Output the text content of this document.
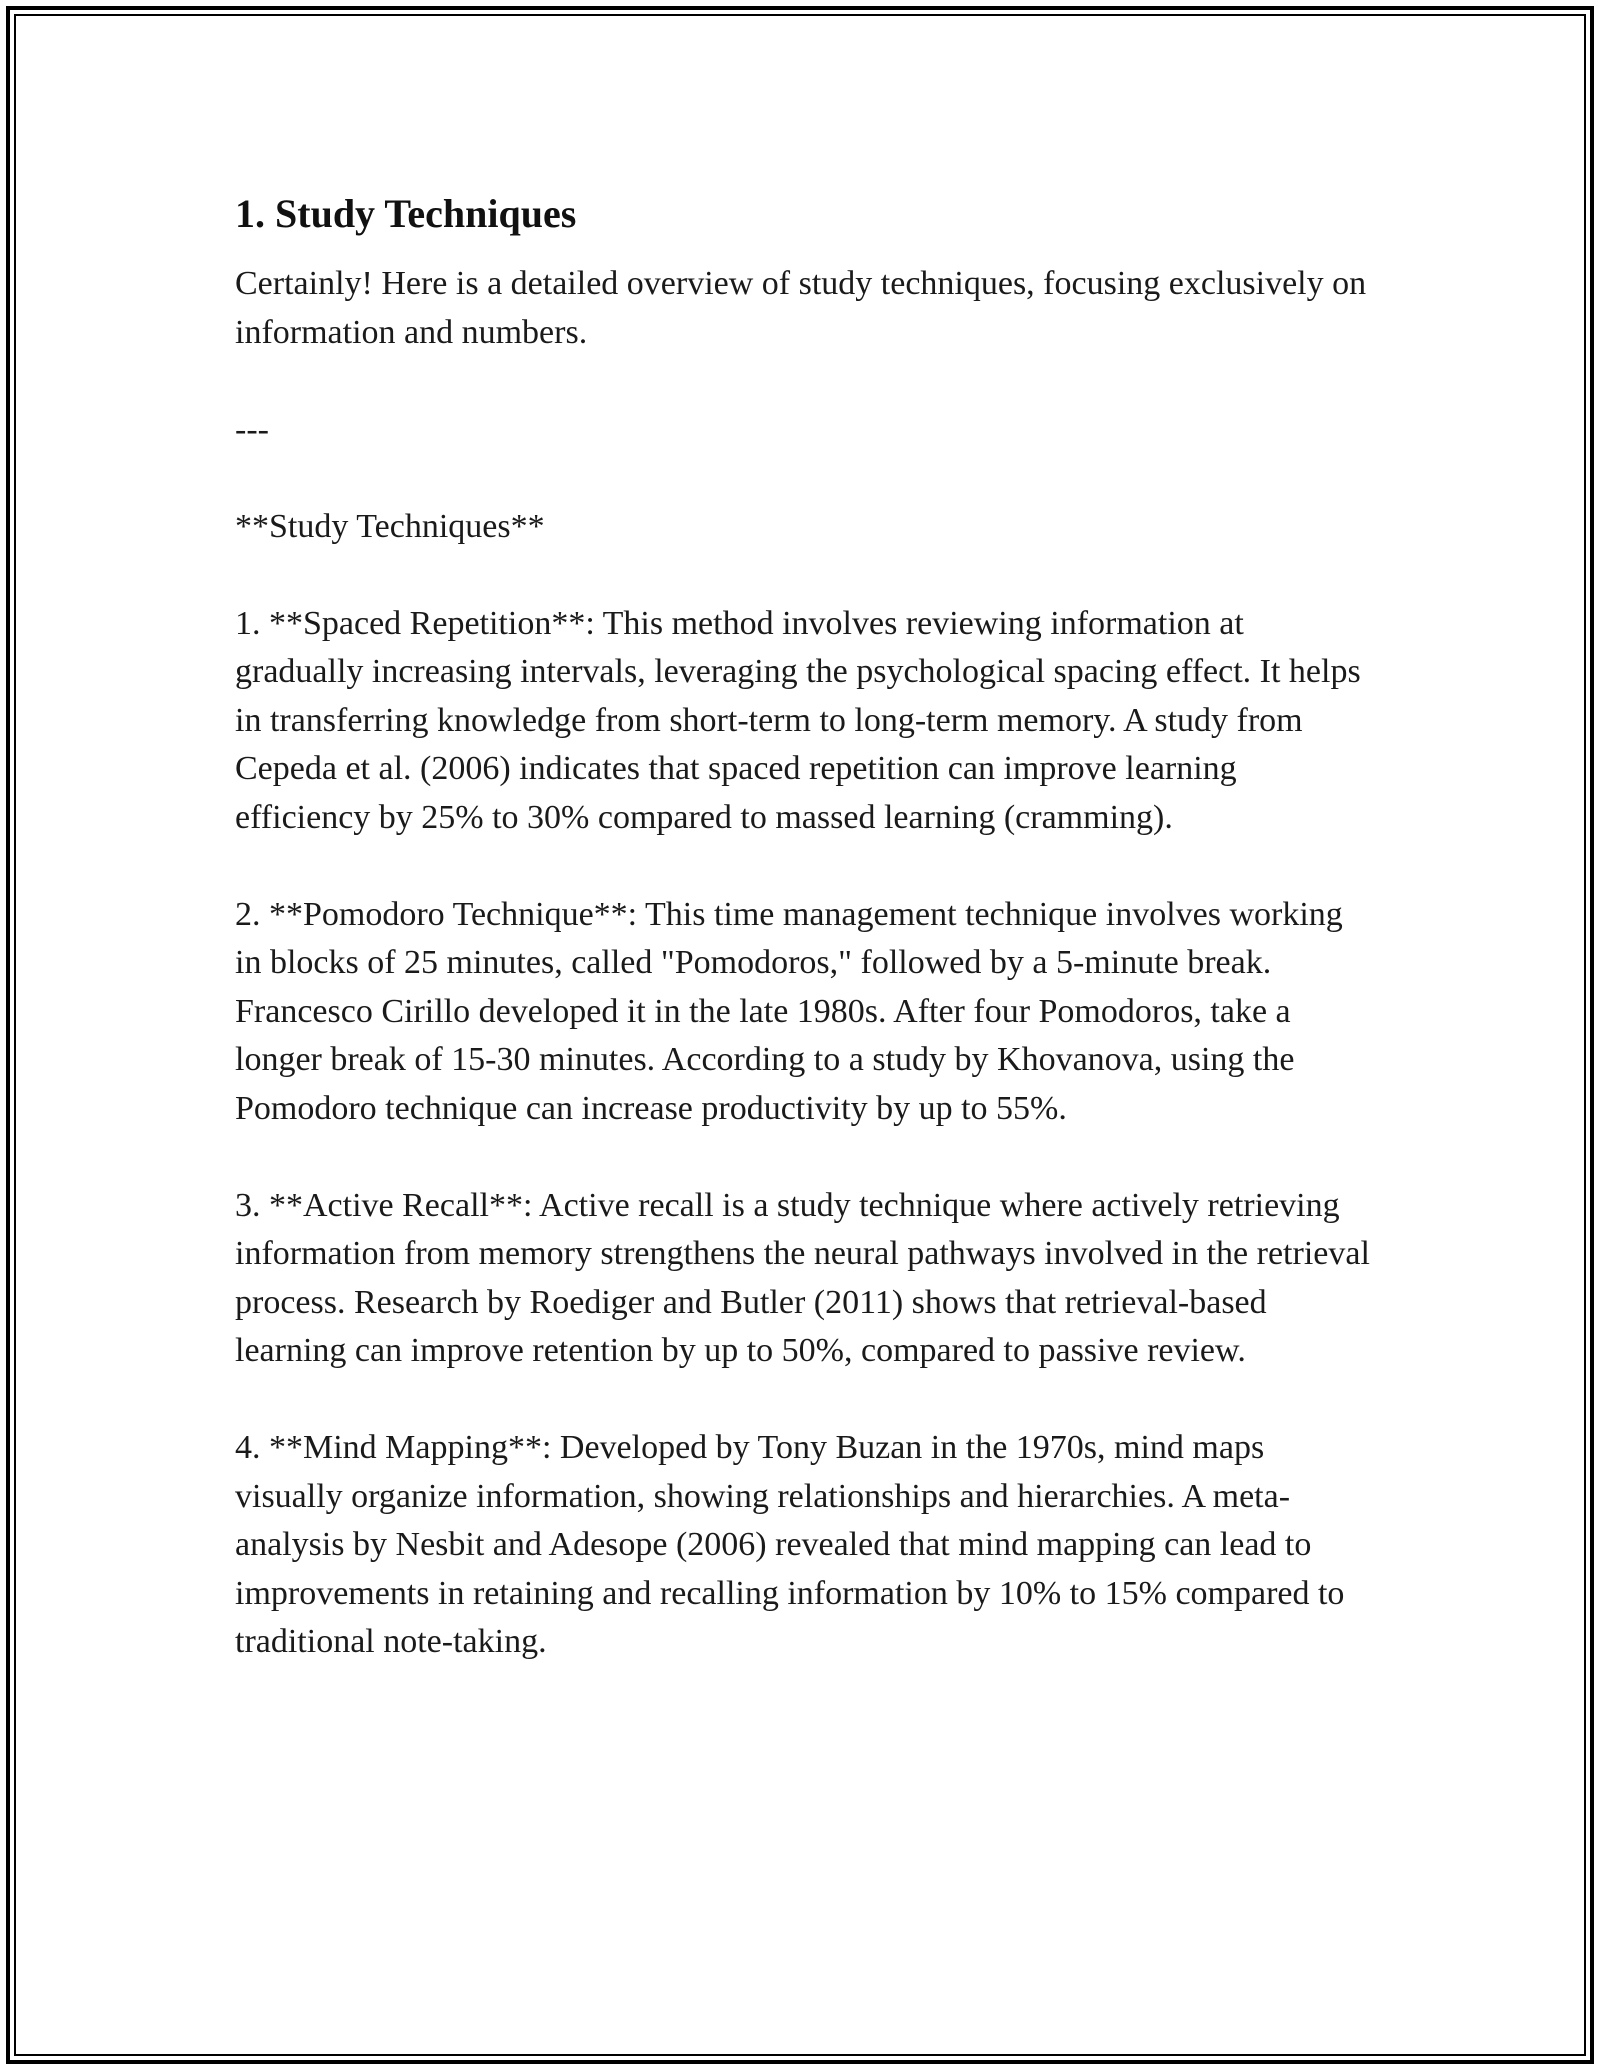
1. Study Techniques

Certainly! Here is a detailed overview of study techniques, focusing exclusively on information and numbers.

---

**Study Techniques**

1. **Spaced Repetition**: This method involves reviewing information at gradually increasing intervals, leveraging the psychological spacing effect. It helps in transferring knowledge from short-term to long-term memory. A study from Cepeda et al. (2006) indicates that spaced repetition can improve learning efficiency by 25% to 30% compared to massed learning (cramming).

2. **Pomodoro Technique**: This time management technique involves working in blocks of 25 minutes, called "Pomodoros," followed by a 5-minute break. Francesco Cirillo developed it in the late 1980s. After four Pomodoros, take a longer break of 15-30 minutes. According to a study by Khovanova, using the Pomodoro technique can increase productivity by up to 55%.

3. **Active Recall**: Active recall is a study technique where actively retrieving information from memory strengthens the neural pathways involved in the retrieval process. Research by Roediger and Butler (2011) shows that retrieval-based learning can improve retention by up to 50%, compared to passive review.

4. **Mind Mapping**: Developed by Tony Buzan in the 1970s, mind maps visually organize information, showing relationships and hierarchies. A meta-analysis by Nesbit and Adesope (2006) revealed that mind mapping can lead to improvements in retaining and recalling information by 10% to 15% compared to traditional note-taking.
